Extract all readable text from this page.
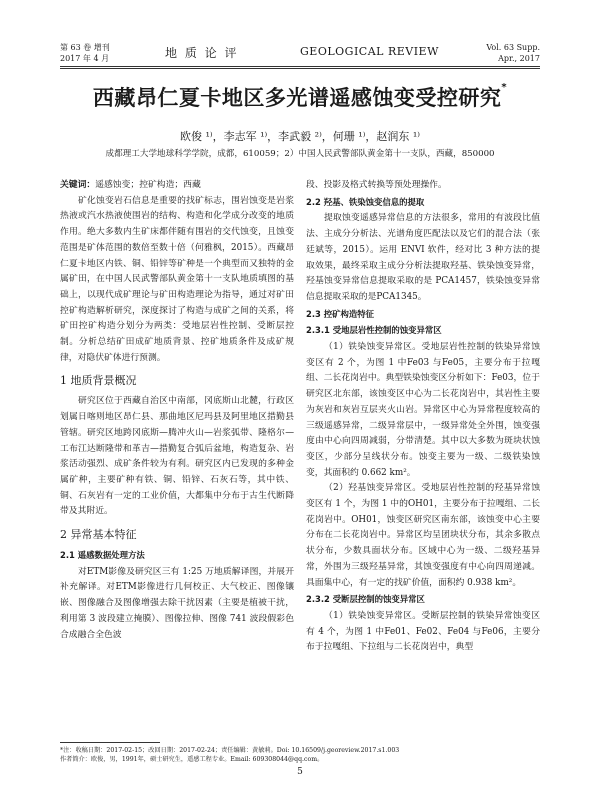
第 63 卷 增刊
2017 年 4 月	地 质 论 评	GEOLOGICAL REVIEW	Vol. 63 Supp.
Apr., 2017
西藏昂仁夏卡地区多光谱遥感蚀变受控研究*
欧俊 ¹⁾，李志军 ¹⁾，李武毅 ²⁾，何珊 ¹⁾，赵润东 ¹⁾
成都理工大学地球科学学院，成都，610059；2）中国人民武警部队黄金第十一支队，西藏，850000

关键词：遥感蚀变；控矿构造；西藏

矿化蚀变岩石信息是重要的找矿标志，围岩蚀变是岩浆热液或汽水热液使围岩的结构、构造和化学成分改变的地质作用。绝大多数内生矿床都伴随有围岩的交代蚀变，且蚀变范围是矿体范围的数倍至数十倍（何雅枫，2015）。西藏昂仁夏卡地区内铁、铜、铅锌等矿种是一个典型而又独特的金属矿田，在中国人民武警部队黄金第十一支队地质填图的基础上，以现代成矿理论与矿田构造理论为指导，通过对矿田控矿构造解析研究，深度探讨了构造与成矿之间的关系，将矿田控矿构造分划分为两类：受地层岩性控制、受断层控制。分析总结矿田成矿地质背景、控矿地质条件及成矿规律，对隐伏矿体进行预测。

1 地质背景概况

研究区位于西藏自治区中南部，冈底斯山北麓，行政区划属日喀则地区昂仁县、那曲地区尼玛县及阿里地区措勤县管辖。研究区地跨冈底斯—腾冲火山—岩浆弧带、隆格尔—工布江达断隆带和革吉—措勤复合弧后盆地，构造复杂、岩浆活动强烈、成矿条件较为有利。研究区内已发现的多种金属矿种，主要矿种有铁、铜、铅锌、石灰石等，其中铁、铜、石灰岩有一定的工业价值，大都集中分布于古生代断降带及其附近。

2 异常基本特征
2.1 遥感数据处理方法

对ETM影像及研究区三有 1:25 万地质解译图，并展开补充解译。对ETM影像进行几何校正、大气校正、图像镶嵌、图像融合及图像增强去除干扰因素（主要是植被干扰，利用第 3 波段建立掩膜）、图像拉伸、图像 741 波段假彩色合成融合全色波

段、投影及格式转换等预处理操作。

2.2 羟基、铁染蚀变信息的提取

提取蚀变遥感异常信息的方法很多，常用的有波段比值法、主成分分析法、光谱角度匹配法以及它们的混合法（张廷斌等，2015）。运用 ENVI 软件，经对比 3 种方法的提取效果，最终采取主成分分析法提取羟基、铁染蚀变异常，羟基蚀变异常信息提取采取的是 PCA1457，铁染蚀变异常信息提取采取的是PCA1345。

2.3 控矿构造特征
2.3.1 受地层岩性控制的蚀变异常区

（1）铁染蚀变异常区。受地层岩性控制的铁染异常蚀变区有 2 个，为图 1 中Fe03 与Fe05，主要分布于拉嘎组、二长花岗岩中。典型铁染蚀变区分析如下：Fe03，位于研究区北东部，该蚀变区中心为二长花岗岩中，其岩性主要为灰岩和灰岩互层夹火山岩。异常区中心为异常程度较高的三级遥感异常，二级异常层中，一级异常处全外围，蚀变强度由中心向四周减弱，分带清楚。其中以大多数为斑块状蚀变区，少部分呈线状分布。蚀变主要为一级、二级铁染蚀变，其面积约 0.662 km²。

（2）羟基蚀变异常区。受地层岩性控制的羟基异常蚀变区有 1 个，为图 1 中的OH01，主要分布于拉嘎组、二长花岗岩中。OH01，蚀变区研究区南东部，该蚀变中心主要分布在二长花岗岩中。异常区均呈团块状分布，其余多散点状分布，少数具面状分布。区域中心为一级、二级羟基异常，外围为三级羟基异常，其蚀变强度有中心向四周递减。具面集中心，有一定的找矿价值，面积约 0.938 km²。

2.3.2 受断层控制的蚀变异常区

（1）铁染蚀变异常区。受断层控制的铁染异常蚀变区有 4 个，为图 1 中Fe01、Fe02、Fe04 与Fe06，主要分布于拉嘎组、下拉组与二长花岗岩中，典型

*注：收稿日期：2017-02-15；改回日期：2017-02-24；责任编辑：黄敏莉。Doi: 10.16509/j.georeview.2017.s1.003
作者简介：欧俊，男，1991年，硕士研究生，遥感工程专业。Email: 609308044@qq.com。
5
